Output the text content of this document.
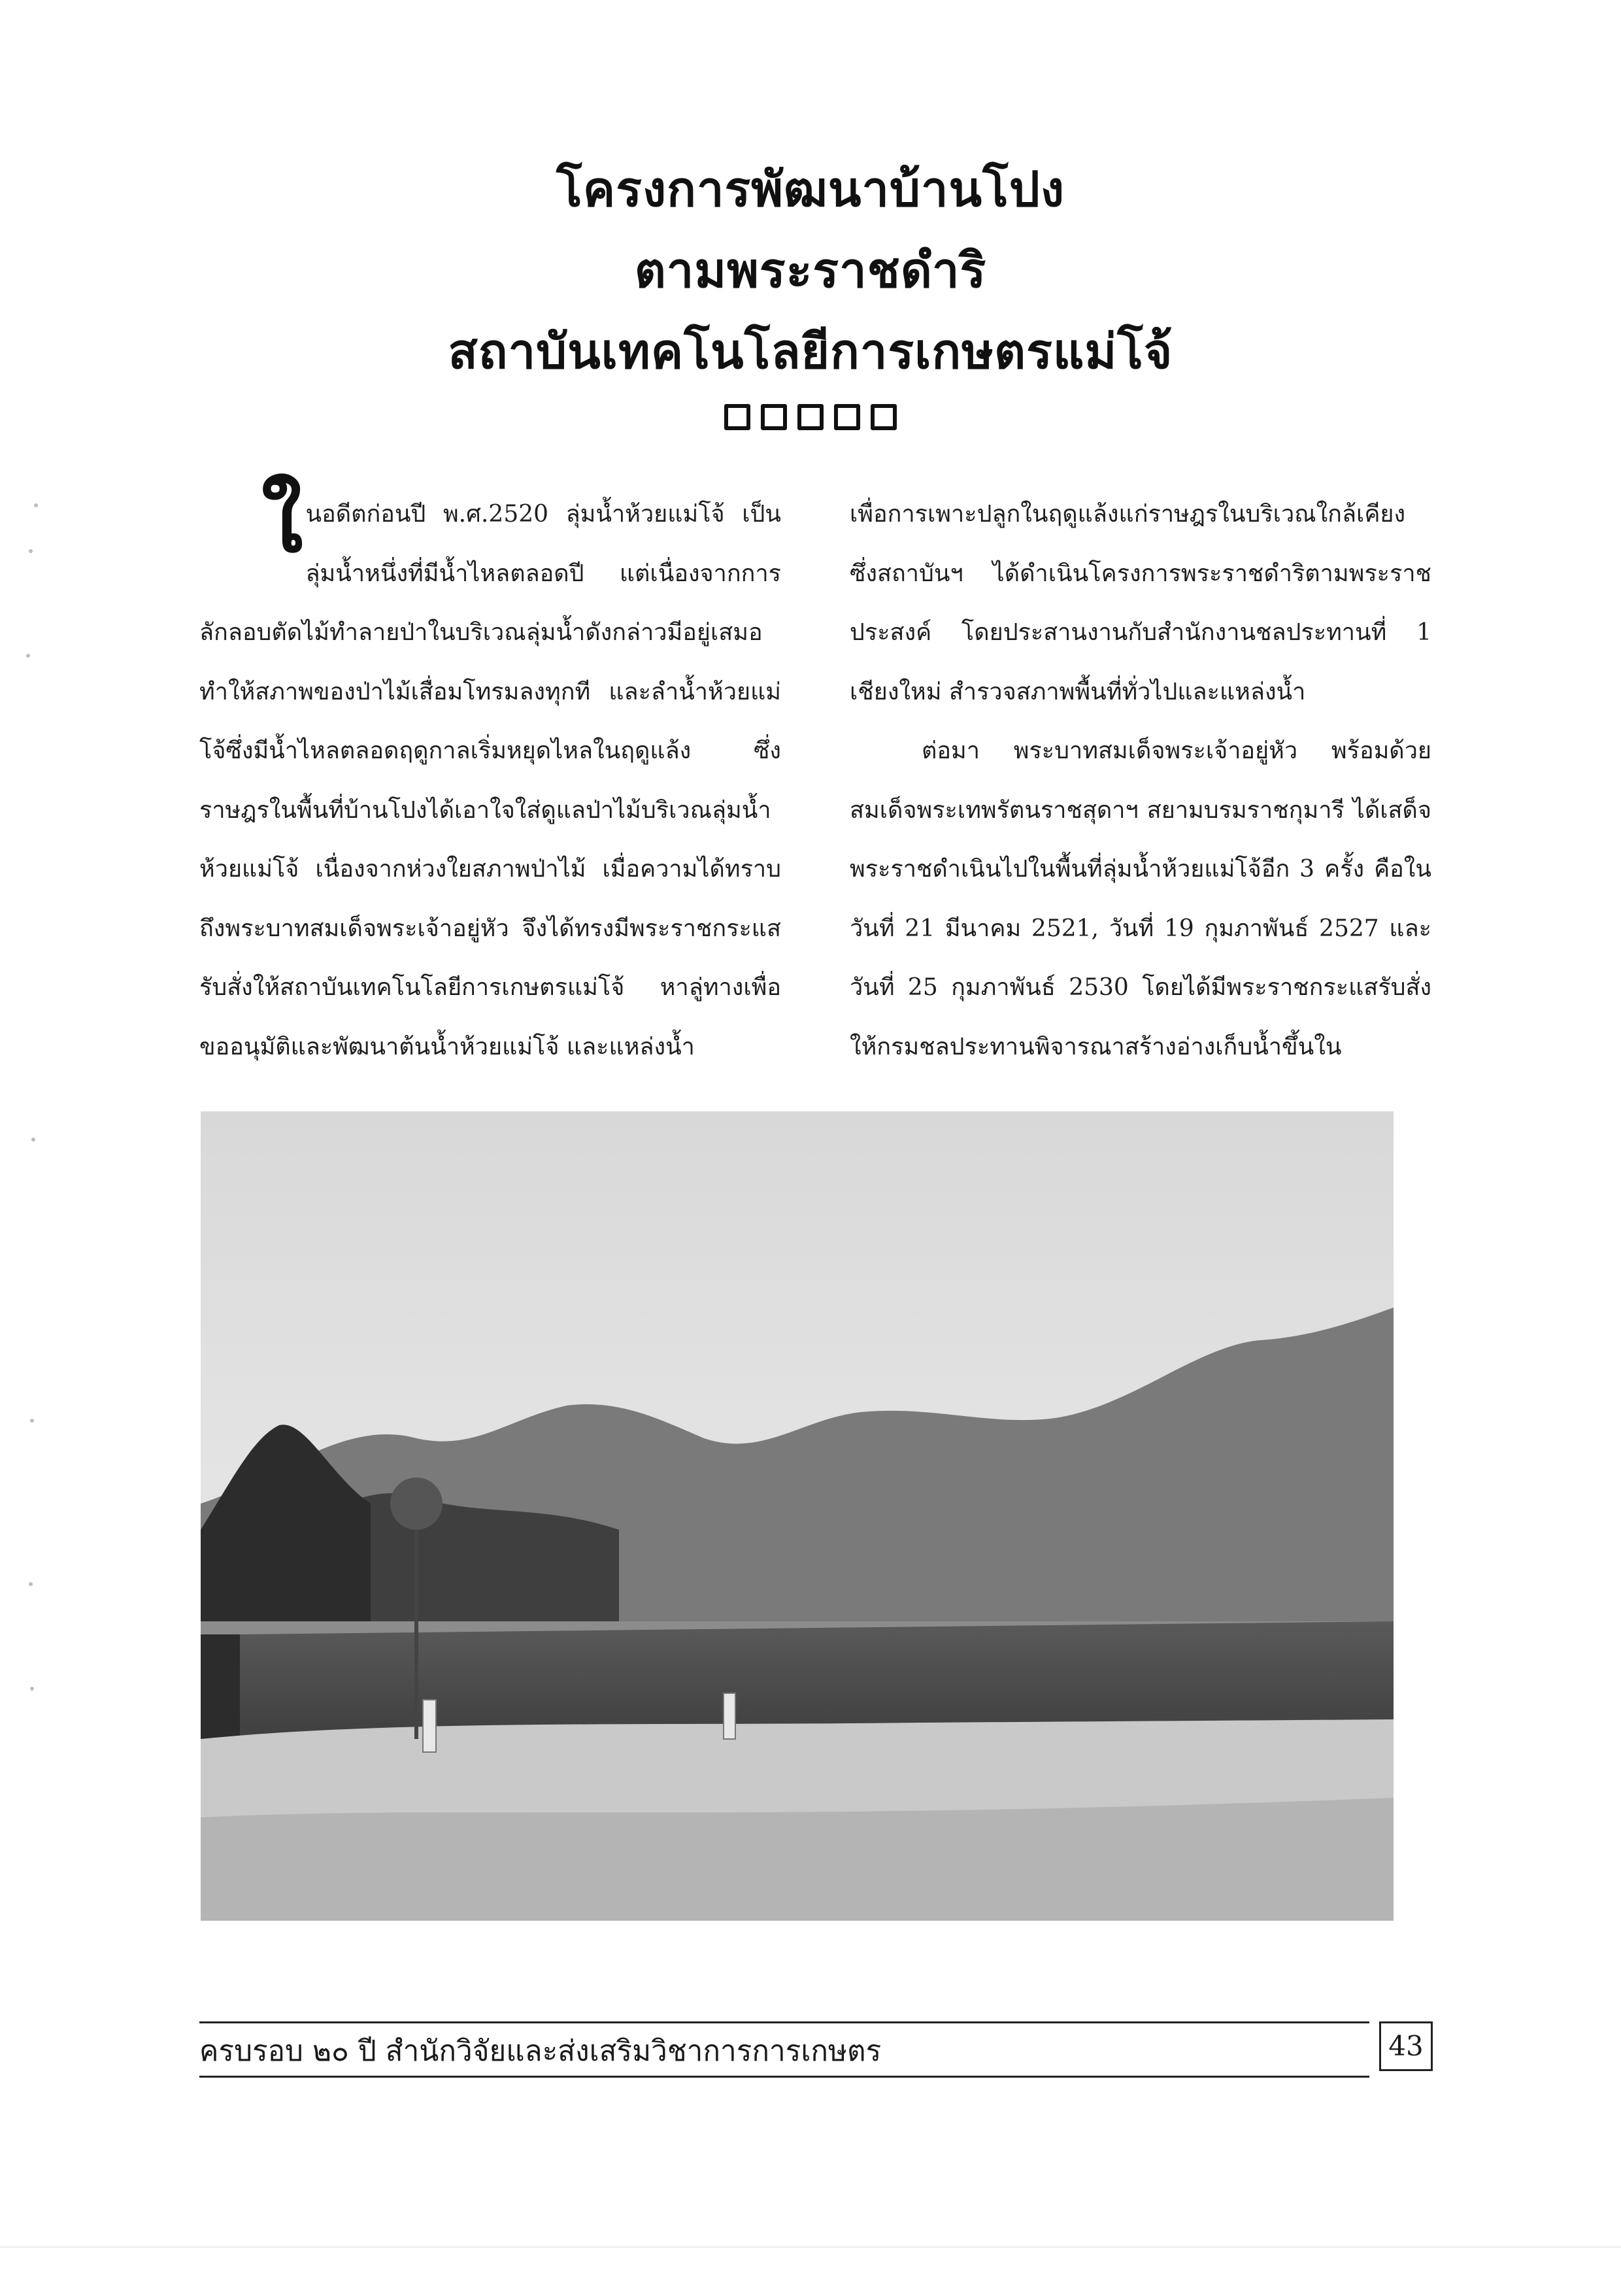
โครงการพัฒนาบ้านโปง
ตามพระราชดำริ
สถาบันเทคโนโลยีการเกษตรแม่โจ้

ใ นอดีตก่อนปี พ.ศ.2520 ลุ่มน้ำห้วยแม่โจ้ เป็นลุ่มน้ำหนึ่งที่มีน้ำไหลตลอดปี แต่เนื่องจากการลักลอบตัดไม้ทำลายป่าในบริเวณลุ่มน้ำดังกล่าวมีอยู่เสมอ ทำให้สภาพของป่าไม้เสื่อมโทรมลงทุกที และลำน้ำห้วยแม่โจ้ซึ่งมีน้ำไหลตลอดฤดูกาลเริ่มหยุดไหลในฤดูแล้ง ซึ่งราษฎรในพื้นที่บ้านโปงได้เอาใจใส่ดูแลป่าไม้บริเวณลุ่มน้ำห้วยแม่โจ้ เนื่องจากห่วงใยสภาพป่าไม้ เมื่อความได้ทราบถึงพระบาทสมเด็จพระเจ้าอยู่หัว จึงได้ทรงมีพระราชกระแสรับสั่งให้สถาบันเทคโนโลยีการเกษตรแม่โจ้ หาลู่ทางเพื่อขออนุมัติและพัฒนาต้นน้ำห้วยแม่โจ้ และแหล่งน้ำ

เพื่อการเพาะปลูกในฤดูแล้งแก่ราษฎรในบริเวณใกล้เคียง ซึ่งสถาบันฯ ได้ดำเนินโครงการพระราชดำริตามพระราชประสงค์ โดยประสานงานกับสำนักงานชลประทานที่ 1 เชียงใหม่ สำรวจสภาพพื้นที่ทั่วไปและแหล่งน้ำ

ต่อมา พระบาทสมเด็จพระเจ้าอยู่หัว พร้อมด้วยสมเด็จพระเทพรัตนราชสุดาฯ สยามบรมราชกุมารี ได้เสด็จพระราชดำเนินไปในพื้นที่ลุ่มน้ำห้วยแม่โจ้อีก 3 ครั้ง คือในวันที่ 21 มีนาคม 2521, วันที่ 19 กุมภาพันธ์ 2527 และวันที่ 25 กุมภาพันธ์ 2530 โดยได้มีพระราชกระแสรับสั่งให้กรมชลประทานพิจารณาสร้างอ่างเก็บน้ำขึ้นใน

ครบรอบ ๒๐ ปี สำนักวิจัยและส่งเสริมวิชาการการเกษตร	43
